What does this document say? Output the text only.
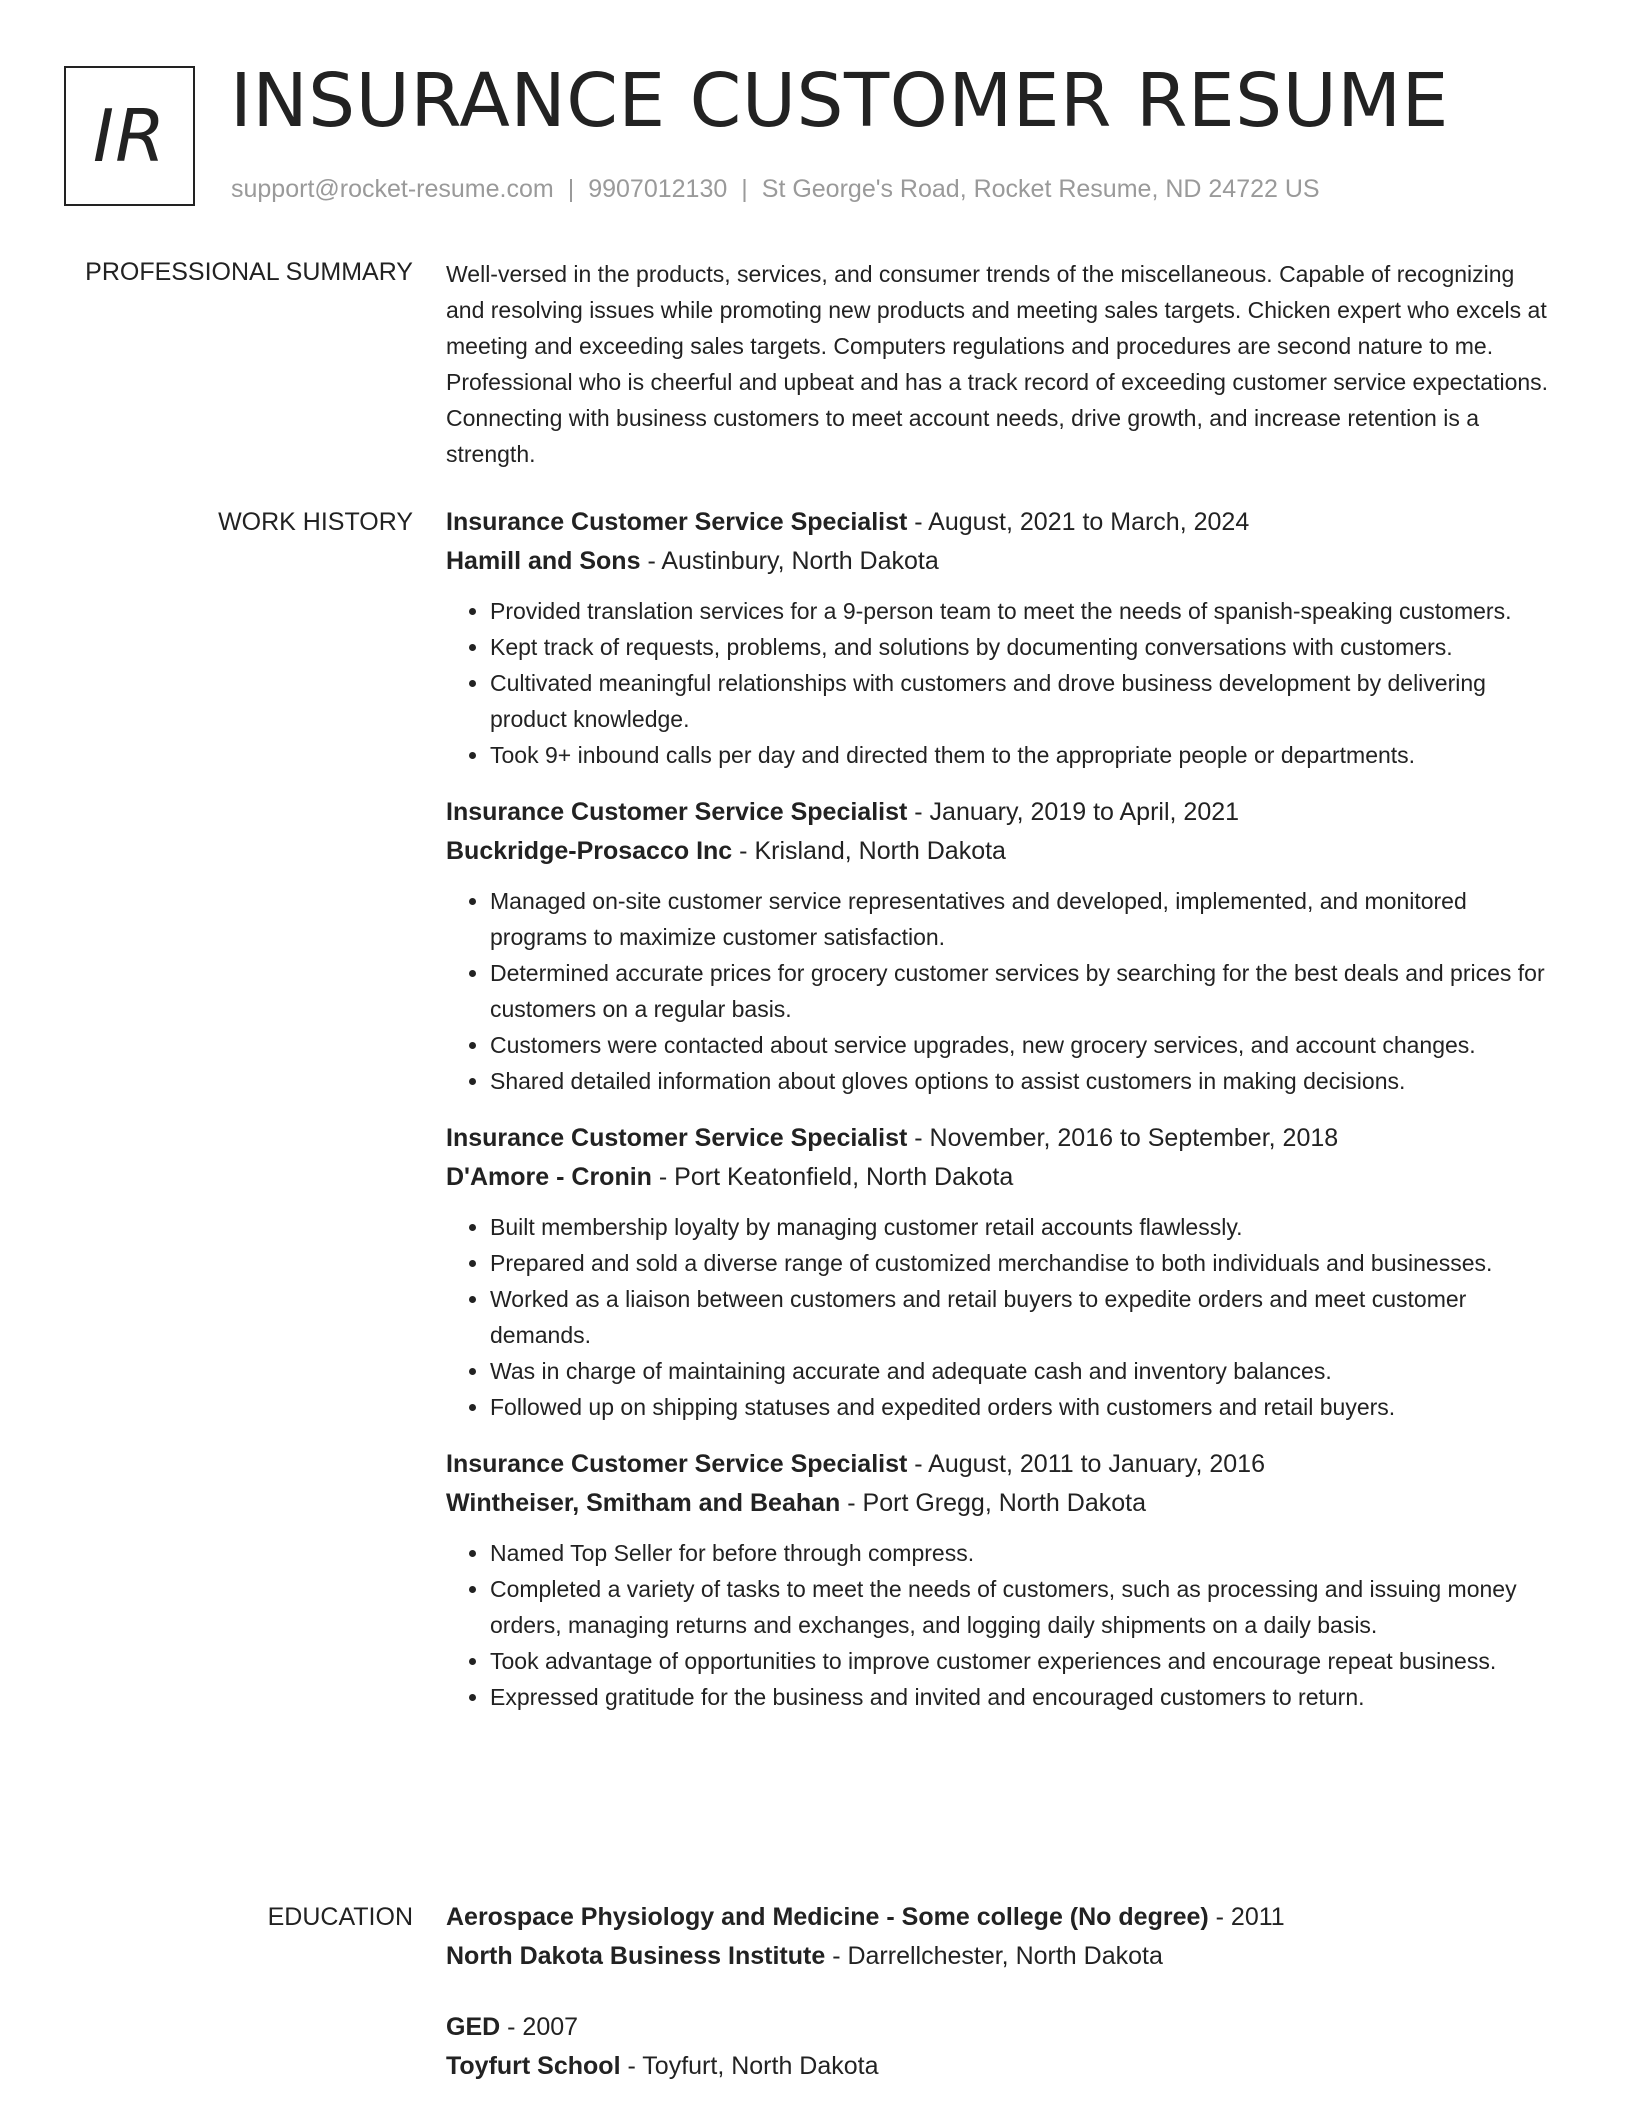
IR INSURANCE CUSTOMER RESUME
support@rocket-resume.com | 9907012130 | St George's Road, Rocket Resume, ND 24722 US
PROFESSIONAL SUMMARY Well-versed in the products, services, and consumer trends of the miscellaneous. Capable of recognizing and resolving issues while promoting new products and meeting sales targets. Chicken expert who excels at meeting and exceeding sales targets. Computers regulations and procedures are second nature to me. Professional who is cheerful and upbeat and has a track record of exceeding customer service expectations. Connecting with business customers to meet account needs, drive growth, and increase retention is a strength.
WORK HISTORY Insurance Customer Service Specialist - August, 2021 to March, 2024
Hamill and Sons - Austinbury, North Dakota
• Provided translation services for a 9-person team to meet the needs of spanish-speaking customers.
• Kept track of requests, problems, and solutions by documenting conversations with customers.
• Cultivated meaningful relationships with customers and drove business development by delivering product knowledge.
• Took 9+ inbound calls per day and directed them to the appropriate people or departments.
Insurance Customer Service Specialist - January, 2019 to April, 2021
Buckridge-Prosacco Inc - Krisland, North Dakota
• Managed on-site customer service representatives and developed, implemented, and monitored programs to maximize customer satisfaction.
• Determined accurate prices for grocery customer services by searching for the best deals and prices for customers on a regular basis.
• Customers were contacted about service upgrades, new grocery services, and account changes.
• Shared detailed information about gloves options to assist customers in making decisions.
Insurance Customer Service Specialist - November, 2016 to September, 2018
D'Amore - Cronin - Port Keatonfield, North Dakota
• Built membership loyalty by managing customer retail accounts flawlessly.
• Prepared and sold a diverse range of customized merchandise to both individuals and businesses.
• Worked as a liaison between customers and retail buyers to expedite orders and meet customer demands.
• Was in charge of maintaining accurate and adequate cash and inventory balances.
• Followed up on shipping statuses and expedited orders with customers and retail buyers.
Insurance Customer Service Specialist - August, 2011 to January, 2016
Wintheiser, Smitham and Beahan - Port Gregg, North Dakota
• Named Top Seller for before through compress.
• Completed a variety of tasks to meet the needs of customers, such as processing and issuing money orders, managing returns and exchanges, and logging daily shipments on a daily basis.
• Took advantage of opportunities to improve customer experiences and encourage repeat business.
• Expressed gratitude for the business and invited and encouraged customers to return.
EDUCATION Aerospace Physiology and Medicine - Some college (No degree) - 2011
North Dakota Business Institute - Darrellchester, North Dakota
GED - 2007
Toyfurt School - Toyfurt, North Dakota
